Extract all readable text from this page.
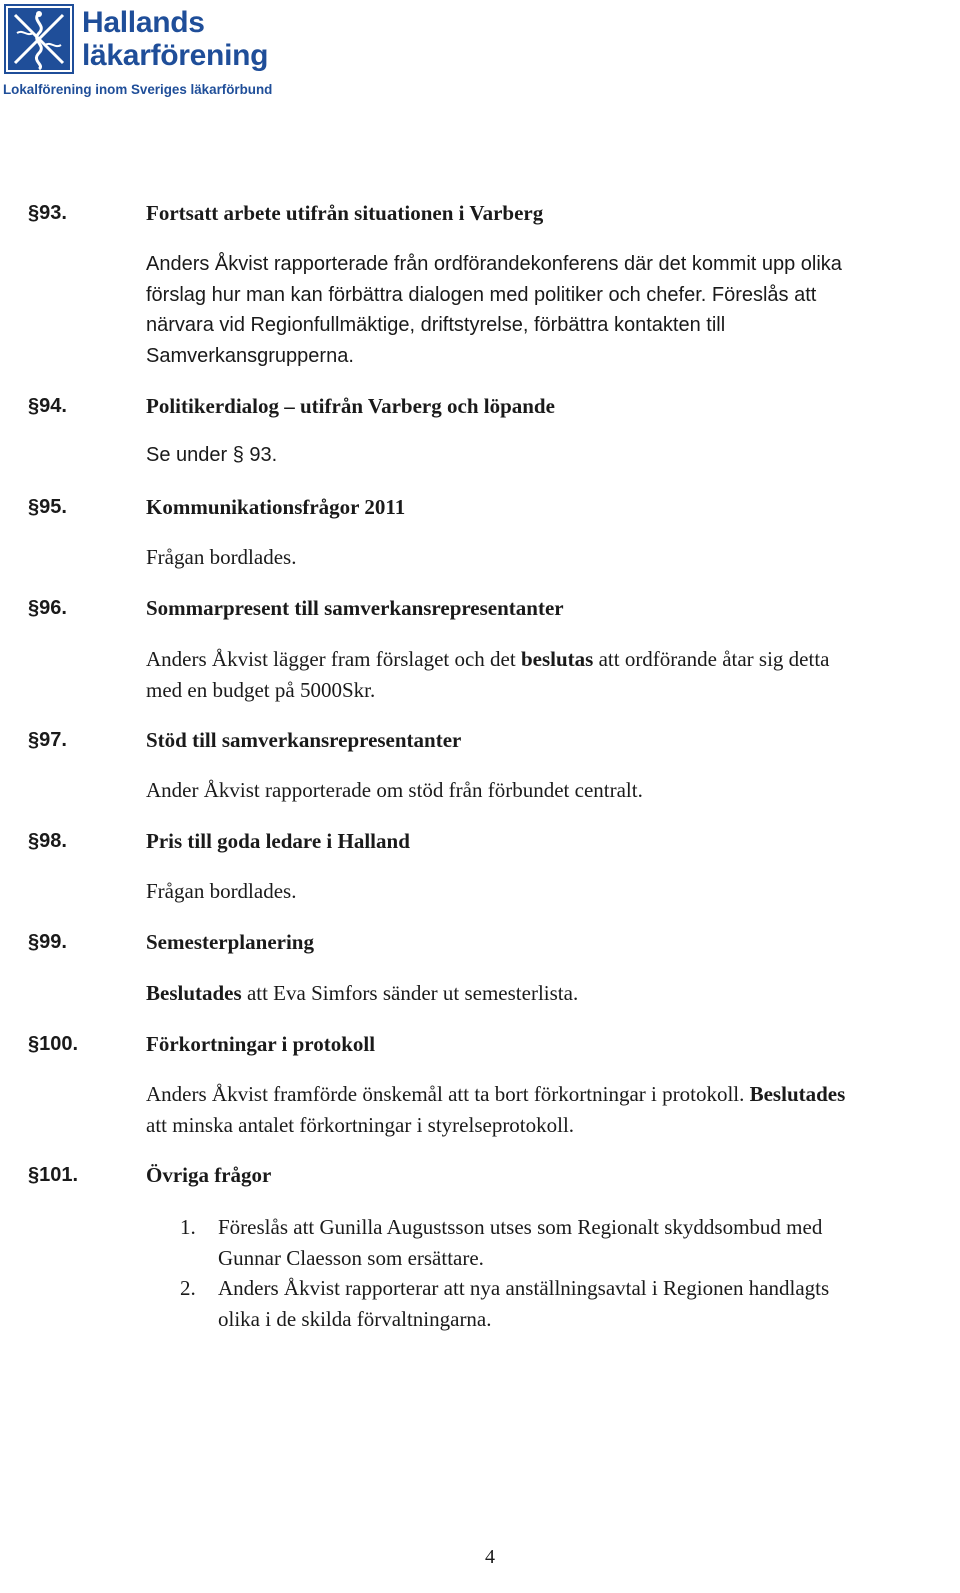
Hallands
läkarförening
Lokalförening inom Sveriges läkarförbund
§93.	Fortsatt arbete utifrån situationen i Varberg
Anders Åkvist rapporterade från ordförandekonferens där det kommit upp olika
förslag hur man kan förbättra dialogen med politiker och chefer. Föreslås att
närvara vid Regionfullmäktige, driftstyrelse, förbättra kontakten till
Samverkansgrupperna.
§94.	Politikerdialog – utifrån Varberg och löpande
Se under § 93.
§95.	Kommunikationsfrågor 2011
Frågan bordlades.
§96.	Sommarpresent till samverkansrepresentanter
Anders Åkvist lägger fram förslaget och det beslutas att ordförande åtar sig detta
med en budget på 5000Skr.
§97.	Stöd till samverkansrepresentanter
Ander Åkvist rapporterade om stöd från förbundet centralt.
§98.	Pris till goda ledare i Halland
Frågan bordlades.
§99.	Semesterplanering
Beslutades att Eva Simfors sänder ut semesterlista.
§100.	Förkortningar i protokoll
Anders Åkvist framförde önskemål att ta bort förkortningar i protokoll. Beslutades
att minska antalet förkortningar i styrelseprotokoll.
§101.	Övriga frågor
1. Föreslås att Gunilla Augustsson utses som Regionalt skyddsombud med
Gunnar Claesson som ersättare.
2. Anders Åkvist rapporterar att nya anställningsavtal i Regionen handlagts
olika i de skilda förvaltningarna.
4
